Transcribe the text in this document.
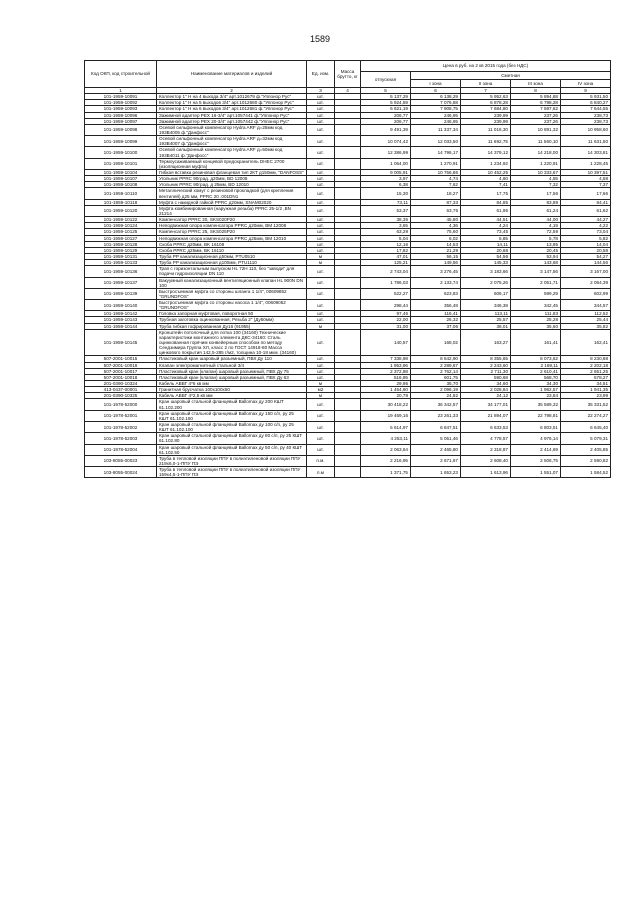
1589
Код ОКП, код строительной	Наименование материалов и изделий	Ед. изм.	Масса брутто, кг	Цена в руб. на 2 кв 2015 года (без НДС)				
				отпускная	Сметная			
					I зона	II зона	III зона	IV зона
1	2	3	4	5	6	7	8	9
101-1959-10091	Коллектор 1" Н на 4 выхода 3/4" арт.1012679 ф."Уппонор Рус"	шт.		5 137,29	6 138,29	5 952,63	5 894,88	5 931,50
101-1959-10092	Коллектор 1" Н на 5 выходов 3/4" арт.1012680 ф."Уппонор Рус"	шт.		5 924,59	7 076,68	6 878,28	6 798,28	6 840,27
101-1959-10093	Коллектор 1" Н на 6 выходов 3/4" арт.1012681 ф."Уппонор Рус"	шт.		6 621,19	7 908,75	7 684,80	7 597,62	7 644,55
101-1959-10096	Зажимной адаптер PEX 16-3/4" арт.1057441 ф."Уппонор Рус"	шт.		206,77	246,95	239,99	237,26	238,73
101-1959-10097	Зажимной адаптер PEX 20-3/4" арт.1057442 ф."Уппонор Рус"	шт.		206,77	246,95	239,99	237,26	238,73
101-1959-10098	Осевой сильфонный компенсатор Hydra ARF д=25мм код 193B4005 ф."Данфосс"	шт.		9 491,39	11 337,34	11 016,30	10 891,32	10 958,60
101-1959-10099	Осевой сильфонный компенсатор Hydra ARF д=32мм код 193B4007 ф."Данфосс"	шт.		10 074,42	12 033,50	11 692,75	11 560,10	11 631,50
101-1959-10100	Осевой сильфонный компенсатор Hydra ARF д=50мм код 193B4011 ф."Данфосс"	шт.		12 386,99	14 796,17	14 379,12	14 218,00	14 303,81
101-1959-10101	Термоусаживаемый концевой предохранитель DHEC 2700 (изоляционная муфта)	шт.		1 064,00	1 270,91	1 234,92	1 220,91	1 228,45
101-1959-10104	Гибкая вставка резиновая фланцевая тип 2КТ д150мм, "DANFOSS"	шт.		9 005,91	10 756,86	10 452,25	10 333,67	10 397,51
101-1959-10107	Угольник PPRC 90град. д20мм, BD 12008	шт.		3,97	4,74	4,60	4,55	4,58
101-1959-10108	Угольник PPRC 90град. д 25мм, BD 12010	шт.		6,38	7,62	7,41	7,32	7,37
101-1959-10110	Металлический хомут с резиновой прокладкой (для крепления вентилей) д25 мм, PPRC 20 .001DN1	шт.		15,30	18,27	17,75	17,56	17,66
101-1959-10118	Муфта с накидной гайкой PPRC д20мм, SNAM02020	шт.		73,11	87,33	84,85	83,89	84,41
101-1959-10120	Муфта комбинированная (наружная резьба) PPRC 25-1/2 ,BN 21214	шт.		53,37	63,75	61,95	61,24	61,62
101-1959-10122	Компенсатор PPRC 20, SKS020P20	шт.		38,35	45,80	44,51	44,00	44,27
101-1959-10124	Неподвижная опора компенсатора PPRC д20мм, BM 12008	шт.		3,65	4,36	4,24	4,19	4,22
101-1959-10125	Компенсатор PPRC 25, SKS025P20	шт.		63,29	75,60	73,45	72,59	73,04
101-1959-10127	Неподвижная опора компенсатора PPRC д25мм, BM 12010	шт.		5,04	6,02	5,85	5,78	5,82
101-1959-10128	Скоба PPRC д20мм, BK 16108	шт.		12,16	14,53	14,11	13,95	14,04
101-1959-10129	Скоба PPRC д25мм, BK 16110	шт.		17,82	21,29	20,68	20,45	20,58
101-1959-10131	Труба PP канализационная д50мм, PTU0510	м		47,01	56,15	54,56	53,94	54,27
101-1959-10133	Труба PP канализационная д100мм, PTU1110	м		125,21	149,56	145,33	143,68	144,56
101-1959-10136	Трап с горизонтальным выпуском HL 72H 110, без "заводи" для подачи гидроизоляции DN 110	шт.		2 743,04	3 276,45	3 183,66	3 147,56	3 167,00
101-1959-10137	Вакуумный канализационный вентиляционный клапан HL 900N DN 100	шт.		1 786,03	2 133,74	2 075,26	2 051,71	2 064,39
101-1959-10139	Быстросъемная муфта со стороны шланга 1 1/4", 00609852 "GRUNDFOS"	шт.		522,27	623,83	606,17	599,29	602,99
101-1959-10140	Быстросъемная муфта со стороны насоса 1 1/4", 00609052 "GRUNDFOS"	шт.		298,44	356,48	346,38	342,45	344,57
101-1959-10142	Головка запорная муфтовая, поворотная 50	шт.		97,46	116,41	113,11	111,83	112,52
101-1959-10143	Трубная заготовка оцинкованная, Резьба 2" (Ду50мм)	шт.		22,00	26,32	25,57	25,28	25,44
101-1959-10144	Труба гибкая гофрированная Ду16 (91955)	м		31,00	37,06	36,01	35,60	35,82
101-1959-10145	Кронштейн потолочный для лотка 100 (34160) Технические характеристики монтажного элемента ДКС-34160: Сталь оцинкованная горячим конвейерным способом по методу Сендзимира Группа ХЛ, класс 2 по ГОСТ 14918-80 Масса цинкового покрытия 142,5-285 г/м2, толщина 10-18 мкм. (34160)	шт.		140,57	168,02	163,27	161,41	162,41
507-2001-10015	Пластиковый кран шаровый разъемный, ПВХ Ду 110	шт.		7 338,98	8 542,90	8 355,65	8 073,62	8 230,88
507-2001-10016	Клапан электромагнитный стальной 3/4	шт.		1 953,96	2 289,67	2 243,60	2 169,11	2 202,18
507-2001-10017	Пластиковый кран (клапан) шаровый разъемный, ПВХ Ду 75	шт.		2 372,88	2 762,14	2 711,30	2 610,41	2 651,25
507-2001-10018	Пластиковый кран (клапан) шаровый разъемный, ПВХ Ду 63	шт.		516,95	601,75	590,68	568,70	578,27
201-0390-10324	Кабель АВВГ 4*6 кв мм	м		29,95	35,70	34,60	34,30	34,51
413-0437-00001	Гранитная брусчатка 100х100х50	м2		1 454,60	2 096,19	2 028,84	1 982,57	1 941,35
201-0390-10325	Кабель АВВГ 4*2,5 кв мм	м		20,78	24,82	24,12	23,84	23,99
101-1978-52000	Кран шаровый стальной фланцевый Ballomax ду 200 КШТ 61.102.200	шт.		30 418,22	36 342,57	34 177,01	35 589,32	35 331,52
101-1978-52001	Кран шаровый стальной фланцевый Ballomax ду 150 с/п, ру 25 КШТ 61.102.150	шт.		19 469,16	23 261,33	21 894,07	22 798,81	22 274,27
101-1978-52002	Кран шаровый стальной фланцевый Ballomax ду 100 с/п, ру 25 КШТ 61.102.100	шт.		5 614,97	6 847,51	6 633,53	6 803,51	6 645,40
101-1978-52003	Кран шаровый стальной фланцевый Ballomax ду 80 с/п, ру 25 КШТ 61.102.80	шт.		4 253,11	5 051,46	4 778,57	4 976,14	5 079,31
101-1978-52004	Кран шаровый стальной фланцевый Ballomax ду 50 с/п, ру 40 КШТ 61.102.50	шт.		2 063,64	2 465,80	2 318,87	2 414,69	2 405,85
103-8055-00023	Труба в тепловой изоляции ППУ в полиэтиленовой изоляции ППУ 219х6,0-1-ППУ ПЭ	п.м.		2 216,95	2 671,67	2 608,40	2 506,75	2 590,82
103-8055-00024	Труба в тепловой изоляции ППУ в полиэтиленовой изоляции ППУ 159х4,5-1-ППУ ПЭ	п.м		1 371,75	1 653,23	1 613,96	1 551,07	1 584,52
